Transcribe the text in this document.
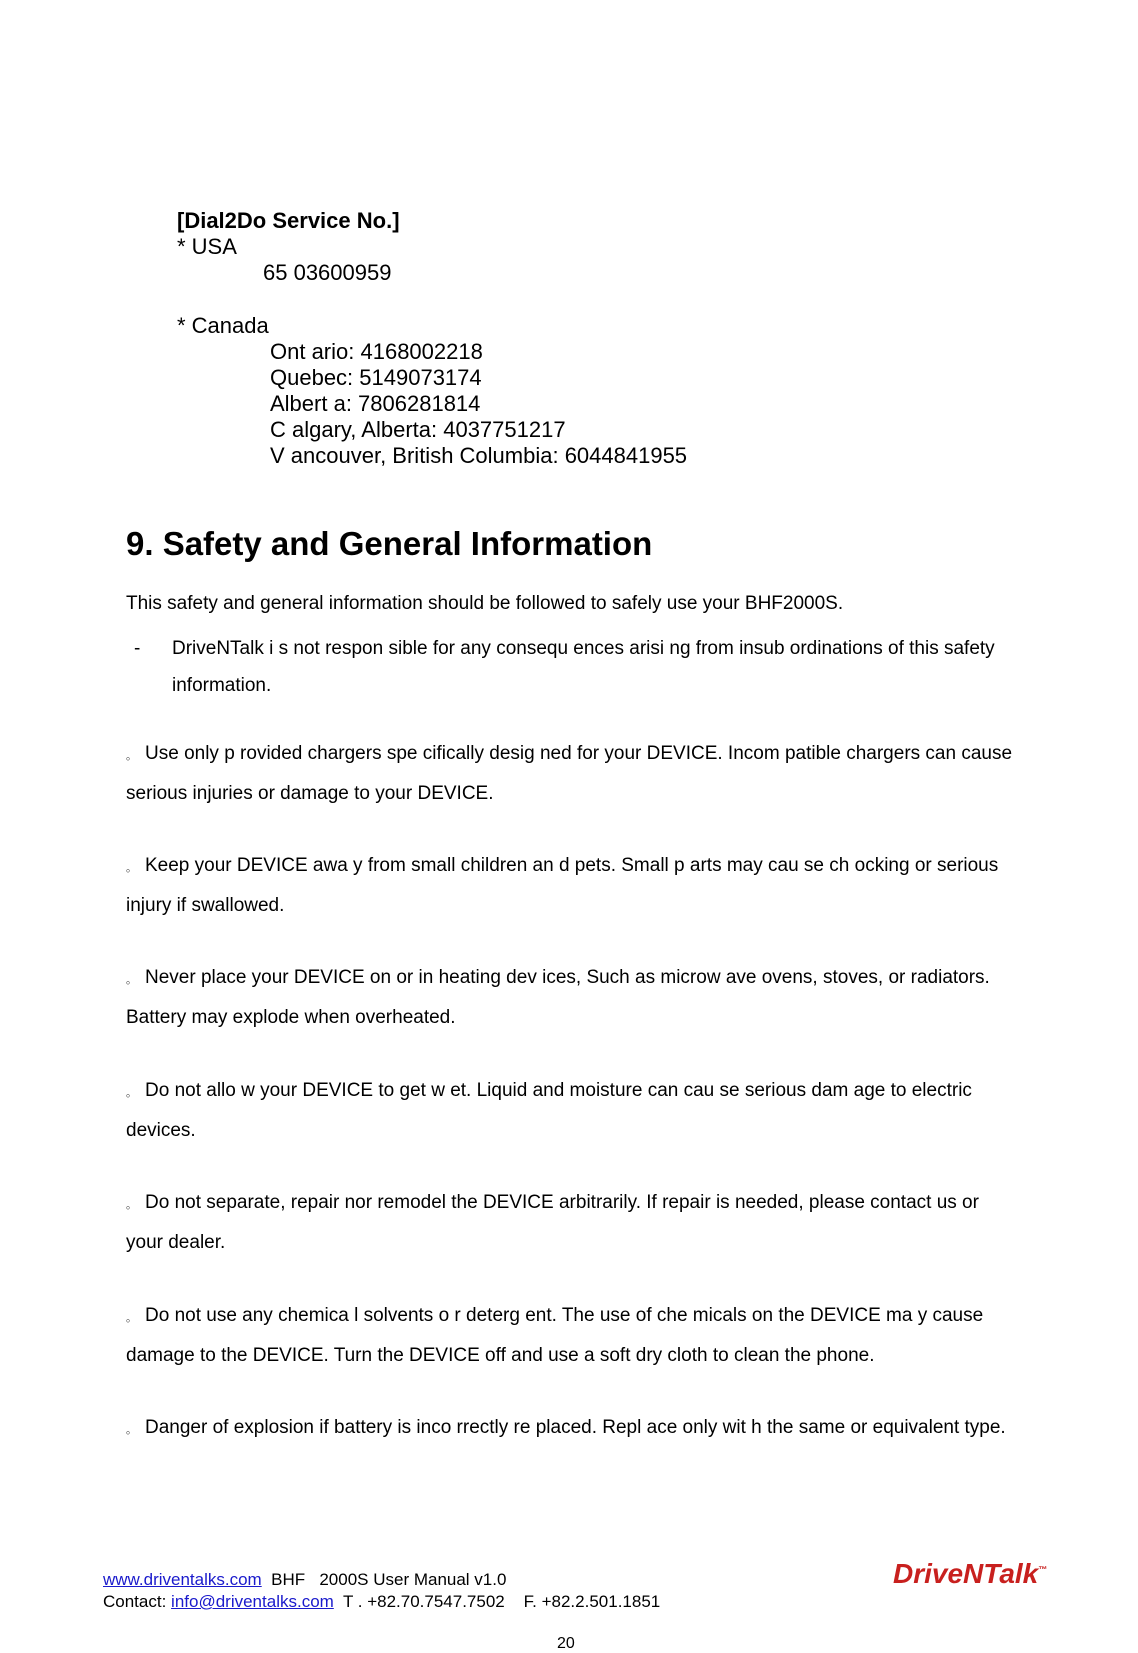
[Dial2Do Service No.]
* USA
65 03600959
* Canada
Ont ario: 4168002218
Quebec: 5149073174
Albert a: 7806281814
C algary, Alberta: 4037751217
V ancouver, British Columbia: 6044841955
9. Safety and General Information
This safety and general information should be followed to safely use your BHF2000S.
- DriveNTalk i s not respon sible for any consequ ences arisi ng from insub ordinations of this safety information.
。 Use only p rovided chargers spe cifically desig ned for your DEVICE. Incom patible chargers can cause serious injuries or damage to your DEVICE.
。 Keep your DEVICE awa y from small children an d pets. Small p arts may cau se ch ocking or serious injury if swallowed.
。 Never place your DEVICE on or in heating dev ices, Such as microw ave ovens, stoves, or radiators. Battery may explode when overheated.
。 Do not allo w your DEVICE to get w et. Liquid and moisture can cau se serious dam age to electric devices.
。 Do not separate, repair nor remodel the DEVICE arbitrarily. If repair is needed, please contact us or your dealer.
。 Do not use any chemica l solvents o r deterg ent. The use of che micals on the DEVICE ma y cause damage to the DEVICE. Turn the DEVICE off and use a soft dry cloth to clean the phone.
。 Danger of explosion if battery is inco rrectly re placed. Repl ace only wit h the same or equivalent type.
www.driventalks.com  BHF   2000S User Manual v1.0
Contact: info@driventalks.com  T . +82.70.7547.7502    F. +82.2.501.1851
DriveNTalk™
20
